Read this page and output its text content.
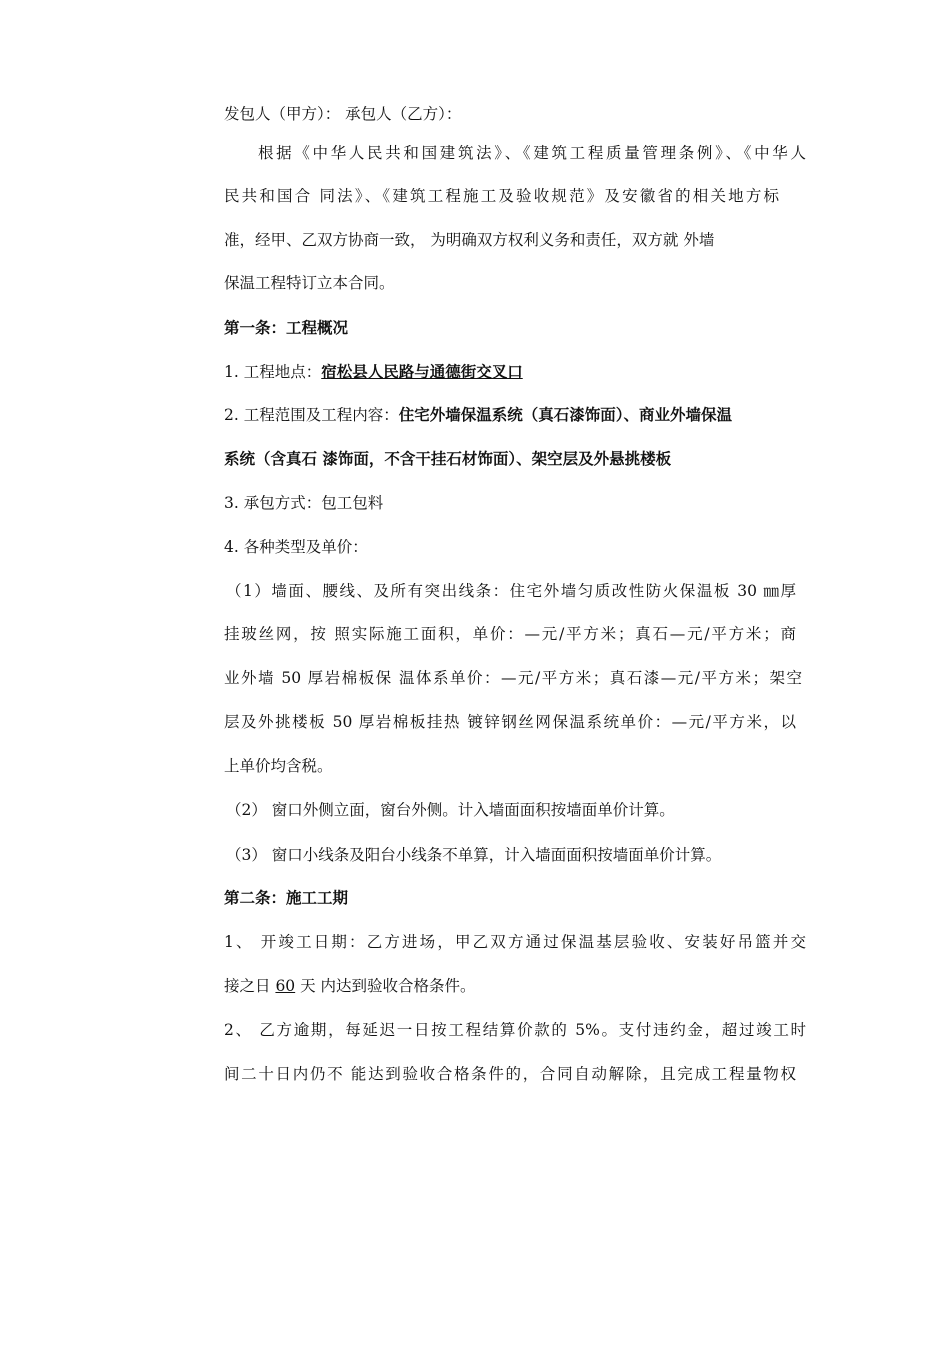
发包人（甲方）： 承包人（乙方）：
根据《中华人民共和国建筑法》、《建筑工程质量管理条例》、《中华人
民共和国合 同法》、《建筑工程施工及验收规范》及安徽省的相关地方标
准，经甲、乙双方协商一致， 为明确双方权利义务和责任，双方就 外墙
保温工程特订立本合同。
第一条：工程概况
1. 工程地点：宿松县人民路与通德街交叉口
2. 工程范围及工程内容：住宅外墙保温系统（真石漆饰面）、商业外墙保温
系统（含真石 漆饰面，不含干挂石材饰面）、架空层及外悬挑楼板
3. 承包方式：包工包料
4. 各种类型及单价：
（1）墙面、腰线、及所有突出线条：住宅外墙匀质改性防火保温板 30 ㎜厚
挂玻丝网，按 照实际施工面积，单价：—元/平方米；真石—元/平方米；商
业外墙 50 厚岩棉板保 温体系单价：—元/平方米；真石漆—元/平方米；架空
层及外挑楼板 50 厚岩棉板挂热 镀锌钢丝网保温系统单价：—元/平方米，以
上单价均含税。
（2） 窗口外侧立面，窗台外侧。计入墙面面积按墙面单价计算。
（3） 窗口小线条及阳台小线条不单算，计入墙面面积按墙面单价计算。
第二条：施工工期
1、 开竣工日期：乙方进场，甲乙双方通过保温基层验收、安装好吊篮并交
接之日 60 天 内达到验收合格条件。
2、 乙方逾期，每延迟一日按工程结算价款的 5%。支付违约金，超过竣工时
间二十日内仍不 能达到验收合格条件的，合同自动解除，且完成工程量物权
